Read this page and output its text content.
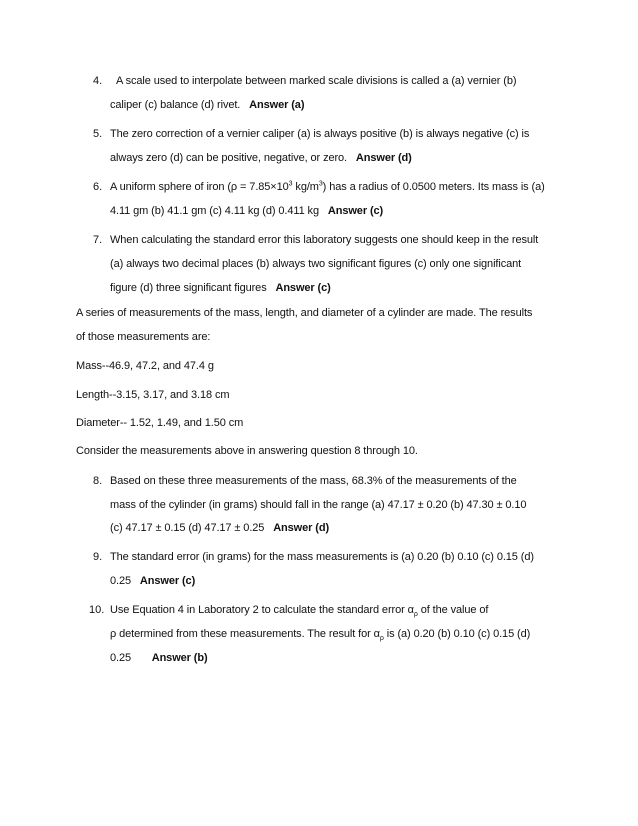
4. A scale used to interpolate between marked scale divisions is called a (a) vernier (b)
caliper (c) balance (d) rivet. Answer (a)
5. The zero correction of a vernier caliper (a) is always positive (b) is always negative (c) is
always zero (d) can be positive, negative, or zero. Answer (d)
6. A uniform sphere of iron ($\rho = 7.85\times 10^3$ $kg/m^3$) has a radius of 0.0500 meters. Its mass is (a)
4.11 gm (b) 41.1 gm (c) 4.11 kg (d) 0.411 kg Answer (c)
7. When calculating the standard error this laboratory suggests one should keep in the result
(a) always two decimal places (b) always two significant figures (c) only one significant
figure (d) three significant figures Answer (c)
A series of measurements of the mass, length, and diameter of a cylinder are made. The results
of those measurements are:
Mass--46.9, 47.2, and 47.4 g
Length--3.15, 3.17, and 3.18 cm
Diameter-- 1.52, 1.49, and 1.50 cm
Consider the measurements above in answering question 8 through 10.
8. Based on these three measurements of the mass, 68.3% of the measurements of the
mass of the cylinder (in grams) should fall in the range (a) 47.17 ± 0.20 (b) 47.30 ± 0.10
(c) 47.17 ± 0.15 (d) 47.17 ± 0.25 Answer (d)
9. The standard error (in grams) for the mass measurements is (a) 0.20 (b) 0.10 (c) 0.15 (d)
0.25 Answer (c)
10. Use Equation 4 in Laboratory 2 to calculate the standard error $\alpha_\rho$ of the value of
ρ determined from these measurements. The result for $\alpha_\rho$ is (a) 0.20 (b) 0.10 (c) 0.15 (d)
0.25 Answer (b)
